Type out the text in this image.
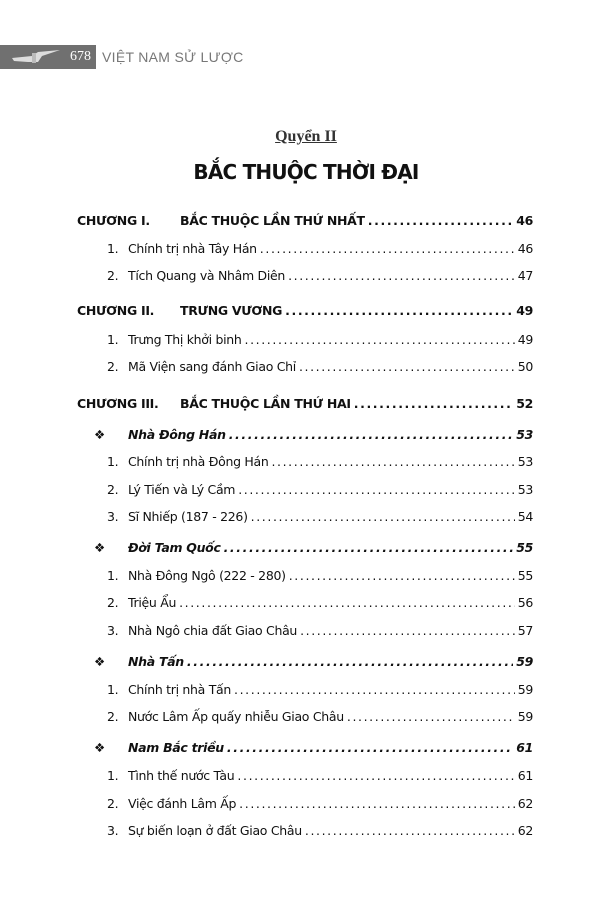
678 VIỆT NAM SỬ LƯỢC
Quyển II
BẮC THUỘC THỜI ĐẠI
CHƯƠNG I.	BẮC THUỘC LẦN THỨ NHẤT .....	46
1. Chính trị nhà Tây Hán .....	46
2. Tích Quang và Nhâm Diên .....	47
CHƯƠNG II.	TRƯNG VƯƠNG .....	49
1. Trưng Thị khởi binh .....	49
2. Mã Viện sang đánh Giao Chỉ .....	50
CHƯƠNG III.	BẮC THUỘC LẦN THỨ HAI .....	52
❖	Nhà Đông Hán .....	53
1. Chính trị nhà Đông Hán .....	53
2. Lý Tiến và Lý Cầm .....	53
3. Sĩ Nhiếp (187 - 226) .....	54
❖	Đời Tam Quốc .....	55
1. Nhà Đông Ngô (222 - 280) .....	55
2. Triệu Ẩu .....	56
3. Nhà Ngô chia đất Giao Châu .....	57
❖	Nhà Tấn .....	59
1. Chính trị nhà Tấn .....	59
2. Nước Lâm Ấp quấy nhiễu Giao Châu .....	59
❖	Nam Bắc triều .....	61
1. Tình thế nước Tàu .....	61
2. Việc đánh Lâm Ấp .....	62
3. Sự biến loạn ở đất Giao Châu .....	62
